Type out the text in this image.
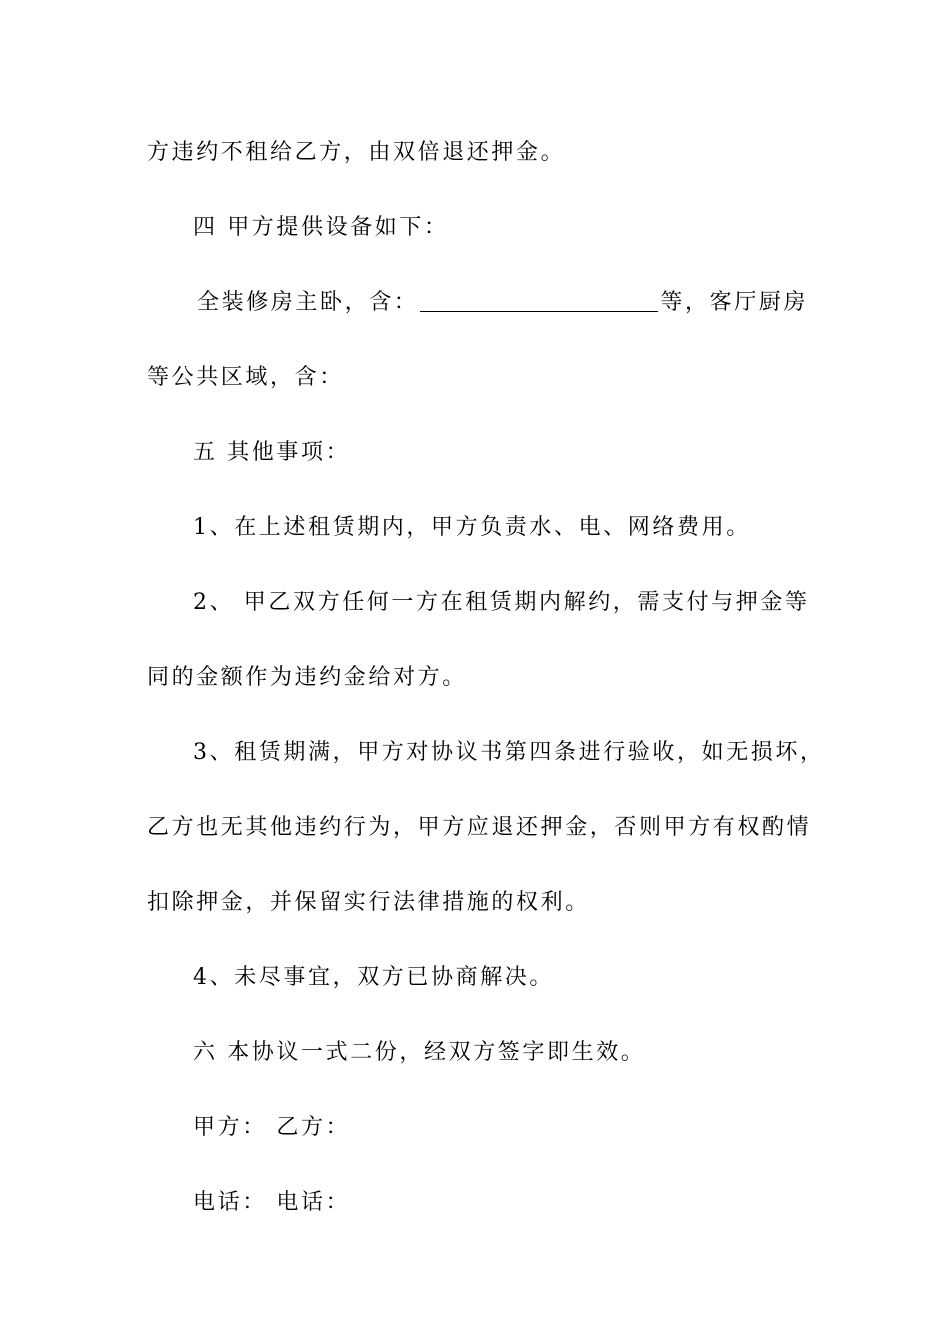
方违约不租给乙方，由双倍退还押金。
四 甲方提供设备如下：
全装修房主卧，含：	等，客厅厨房
等公共区域，含：
五 其他事项：
1、在上述租赁期内，甲方负责水、电、网络费用。
2、 甲乙双方任何一方在租赁期内解约，需支付与押金等
同的金额作为违约金给对方。
3、租赁期满，甲方对协议书第四条进行验收，如无损坏，
乙方也无其他违约行为，甲方应退还押金，否则甲方有权酌情
扣除押金，并保留实行法律措施的权利。
4、未尽事宜，双方已协商解决。
六 本协议一式二份，经双方签字即生效。
甲方： 乙方：
电话： 电话：
